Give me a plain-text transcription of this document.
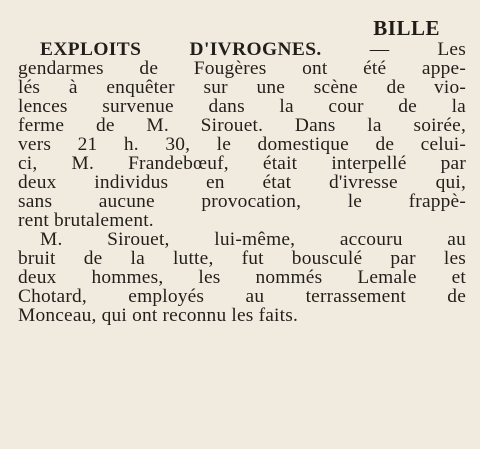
BILLE
EXPLOITS D'IVROGNES. — Les
gendarmes de Fougères ont été appe-
lés à enquêter sur une scène de vio-
lences survenue dans la cour de la
ferme de M. Sirouet. Dans la soirée,
vers 21 h. 30, le domestique de celui-
ci, M. Frandebœuf, était interpellé par
deux individus en état d'ivresse qui,
sans aucune provocation, le frappè-
rent brutalement.
M. Sirouet, lui-même, accouru au
bruit de la lutte, fut bousculé par les
deux hommes, les nommés Lemale et
Chotard, employés au terrassement de
Monceau, qui ont reconnu les faits.
